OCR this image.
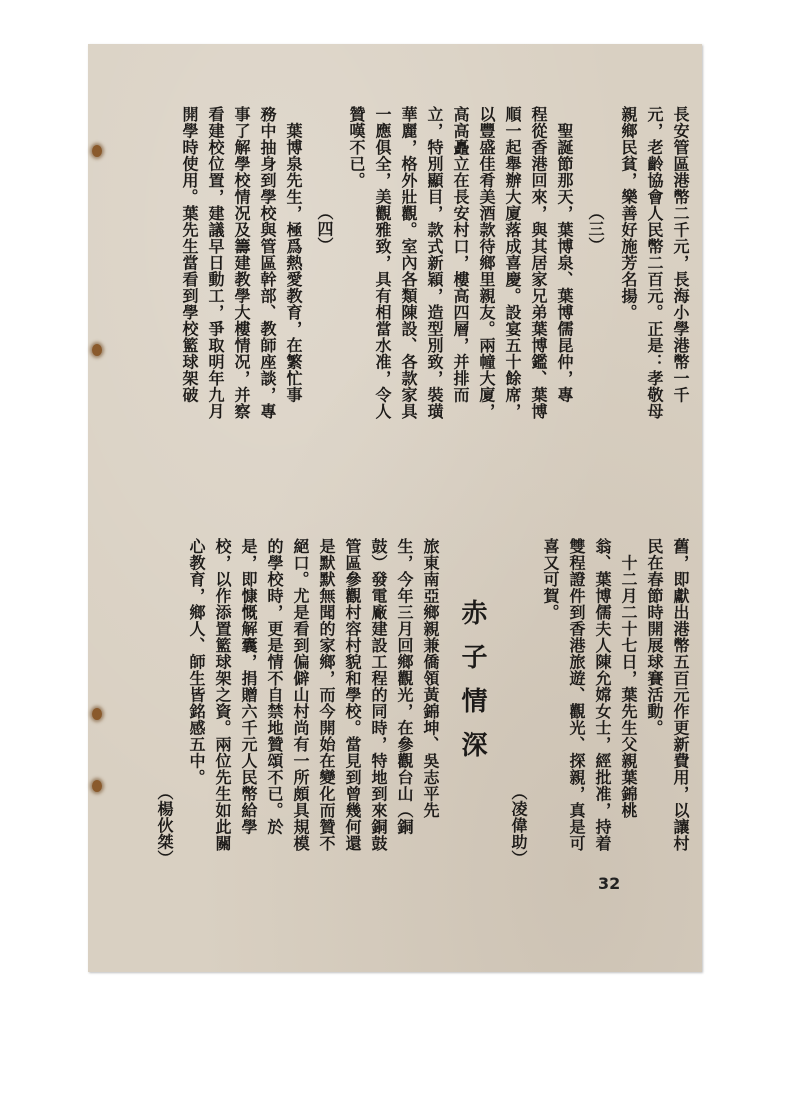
長安管區港幣二千元，長海小學港幣一千
元，老齡協會人民幣二百元。正是：孝敬母
親鄉民貧，樂善好施芳名揚。
（三）
　聖誕節那天，葉博泉、葉博儒昆仲，專
程從香港回來，與其居家兄弟葉博鑑、葉博
順一起舉辦大廈落成喜慶。設宴五十餘席，
以豐盛佳肴美酒款待鄉里親友。兩幢大廈，
高高矗立在長安村口，樓高四層，并排而
立，特別顯目，款式新穎，造型別致，裝璜
華麗，格外壯觀。室內各類陳設、各款家具
一應俱全，美觀雅致，具有相當水准，令人
贊嘆不已。
（四）
　葉博泉先生，極爲熱愛教育，在繁忙事
務中抽身到學校與管區幹部、教師座談，專
事了解學校情况及籌建教學大樓情况，并察
看建校位置，建議早日動工，爭取明年九月
開學時使用。葉先生當看到學校籃球架破
舊，即獻出港幣五百元作更新費用，以讓村
民在春節時開展球賽活動。
　十二月二十七日，葉先生父親葉錦桃
翁、葉博儒夫人陳允嫦女士，經批准，持着
雙程證件到香港旅遊、觀光、探親，真是可
喜又可賀。
（凌偉助）
赤子情深
旅東南亞鄉親兼僑領黃錦坤、吳志平先
生，今年三月回鄉觀光，在參觀台山（銅
鼓）發電廠建設工程的同時，特地到來銅鼓
管區參觀村容村貌和學校。當見到曾幾何還
是默默無聞的家鄉，而今開始在變化而贊不
絕口。尤是看到偏僻山村尚有一所頗具規模
的學校時，更是情不自禁地贊頌不已。於
是，即慷慨解囊，捐贈六千元人民幣給學
校，以作添置籃球架之資。兩位先生如此關
心教育，鄉人、師生皆銘感五中。
（楊伙桀）
32
